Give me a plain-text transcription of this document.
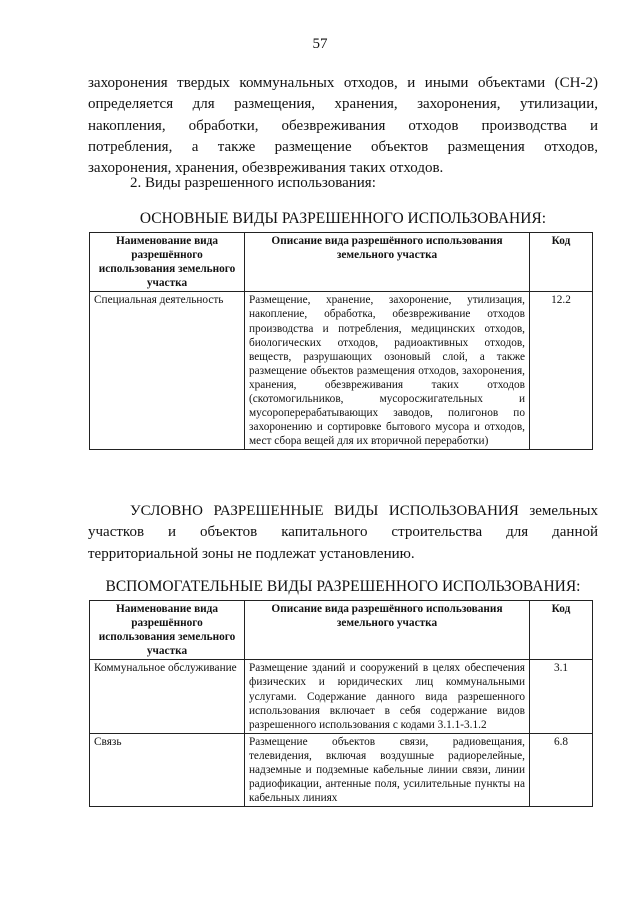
57
захоронения твердых коммунальных отходов, и иными объектами (СН-2)
определяется для размещения, хранения, захоронения, утилизации,
накопления, обработки, обезвреживания отходов производства и
потребления, а также размещение объектов размещения отходов,
захоронения, хранения, обезвреживания таких отходов.
2. Виды разрешенного использования:
ОСНОВНЫЕ ВИДЫ РАЗРЕШЕННОГО ИСПОЛЬЗОВАНИЯ:
Наименование вида разрешённого использования земельного участка	Описание вида разрешённого использования земельного участка	Код
Специальная деятельность	Размещение, хранение, захоронение, утилизация, накопление, обработка, обезвреживание отходов производства и потребления, медицинских отходов, биологических отходов, радиоактивных отходов, веществ, разрушающих озоновый слой, а также размещение объектов размещения отходов, захоронения, хранения, обезвреживания таких отходов (скотомогильников, мусоросжигательных и мусороперерабатывающих заводов, полигонов по захоронению и сортировке бытового мусора и отходов, мест сбора вещей для их вторичной переработки)	12.2
УСЛОВНО РАЗРЕШЕННЫЕ ВИДЫ ИСПОЛЬЗОВАНИЯ земельных
участков и объектов капитального строительства для данной
территориальной зоны не подлежат установлению.
ВСПОМОГАТЕЛЬНЫЕ ВИДЫ РАЗРЕШЕННОГО ИСПОЛЬЗОВАНИЯ:
Наименование вида разрешённого использования земельного участка	Описание вида разрешённого использования земельного участка	Код
Коммунальное обслуживание	Размещение зданий и сооружений в целях обеспечения физических и юридических лиц коммунальными услугами. Содержание данного вида разрешенного использования включает в себя содержание видов разрешенного использования с кодами 3.1.1-3.1.2	3.1
Связь	Размещение объектов связи, радиовещания, телевидения, включая воздушные радиорелейные, надземные и подземные кабельные линии связи, линии радиофикации, антенные поля, усилительные пункты на кабельных линиях	6.8
